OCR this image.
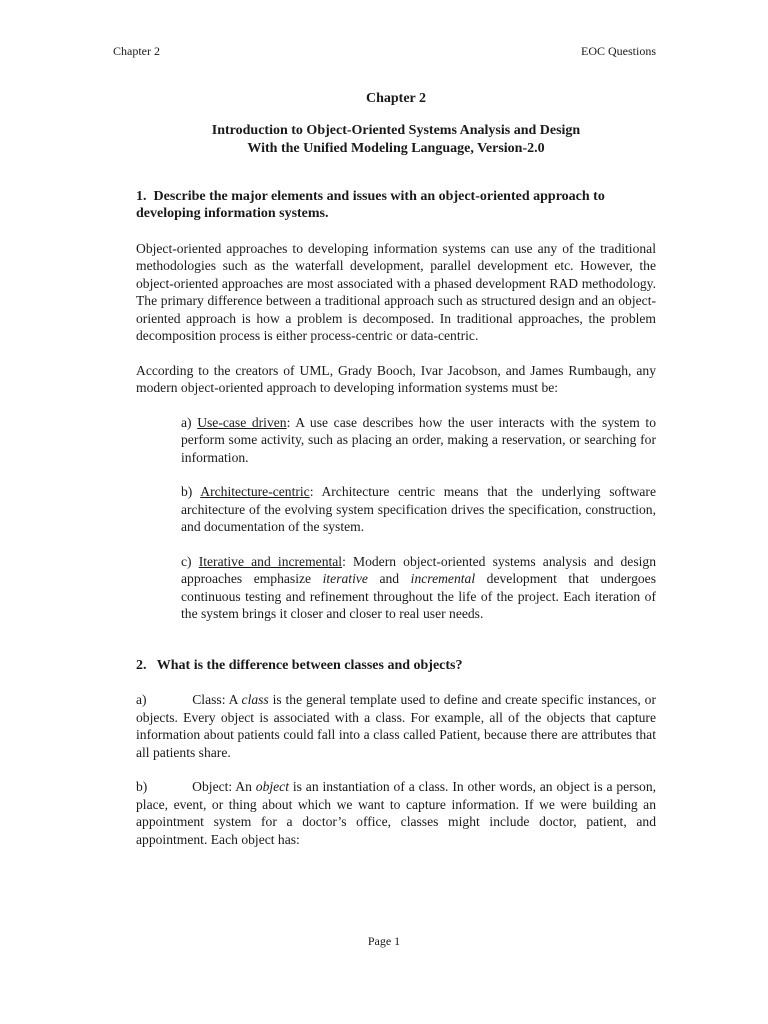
Chapter 2	EOC Questions
Chapter 2
Introduction to Object-Oriented Systems Analysis and Design
With the Unified Modeling Language, Version-2.0
1. Describe the major elements and issues with an object-oriented approach to developing information systems.

Object-oriented approaches to developing information systems can use any of the traditional methodologies such as the waterfall development, parallel development etc. However, the object-oriented approaches are most associated with a phased development RAD methodology. The primary difference between a traditional approach such as structured design and an object-oriented approach is how a problem is decomposed. In traditional approaches, the problem decomposition process is either process-centric or data-centric.

According to the creators of UML, Grady Booch, Ivar Jacobson, and James Rumbaugh, any modern object-oriented approach to developing information systems must be:

a) Use-case driven: A use case describes how the user interacts with the system to perform some activity, such as placing an order, making a reservation, or searching for information.

b) Architecture-centric: Architecture centric means that the underlying software architecture of the evolving system specification drives the specification, construction, and documentation of the system.

c) Iterative and incremental: Modern object-oriented systems analysis and design approaches emphasize iterative and incremental development that undergoes continuous testing and refinement throughout the life of the project. Each iteration of the system brings it closer and closer to real user needs.

2. What is the difference between classes and objects?

a)	Class: A class is the general template used to define and create specific instances, or objects. Every object is associated with a class. For example, all of the objects that capture information about patients could fall into a class called Patient, because there are attributes that all patients share.

b)	Object: An object is an instantiation of a class. In other words, an object is a person, place, event, or thing about which we want to capture information. If we were building an appointment system for a doctor’s office, classes might include doctor, patient, and appointment. Each object has:

Page 1
